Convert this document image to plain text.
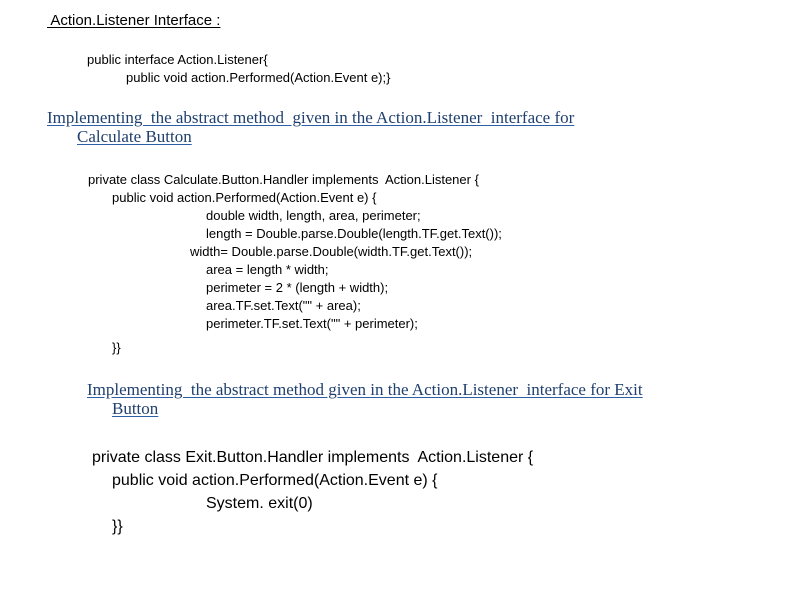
Action.Listener Interface :
public interface Action.Listener{
public void action.Performed(Action.Event e);}
Implementing  the abstract method  given in the Action.Listener  interface for
Calculate Button
private class Calculate.Button.Handler implements  Action.Listener {
public void action.Performed(Action.Event e) {
double width, length, area, perimeter;
length = Double.parse.Double(length.TF.get.Text());
width= Double.parse.Double(width.TF.get.Text());
area = length * width;
perimeter = 2 * (length + width);
area.TF.set.Text("" + area);
perimeter.TF.set.Text("" + perimeter);
}}
Implementing  the abstract method given in the Action.Listener  interface for Exit
Button
private class Exit.Button.Handler implements  Action.Listener {
public void action.Performed(Action.Event e) {
System. exit(0)
}}
